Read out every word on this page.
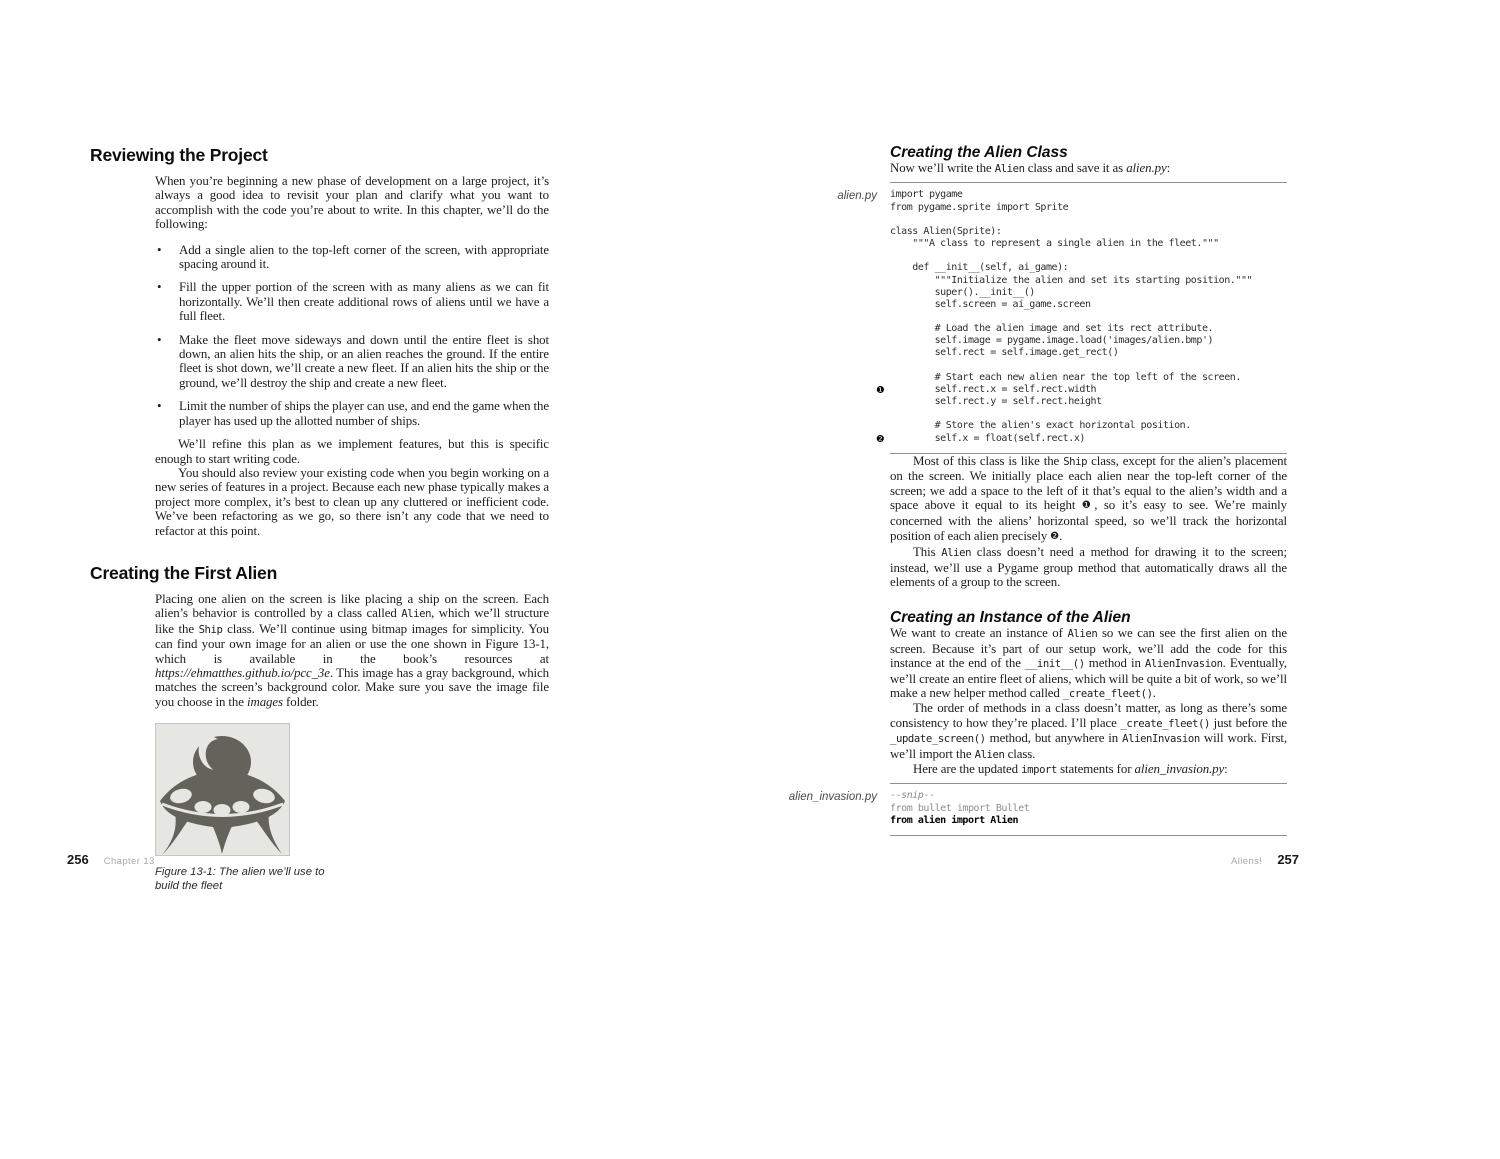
Reviewing the Project

When you’re beginning a new phase of development on a large project, it’s always a good idea to revisit your plan and clarify what you want to accomplish with the code you’re about to write. In this chapter, we’ll do the following:

• Add a single alien to the top-left corner of the screen, with appropriate spacing around it.
• Fill the upper portion of the screen with as many aliens as we can fit horizontally. We’ll then create additional rows of aliens until we have a full fleet.
• Make the fleet move sideways and down until the entire fleet is shot down, an alien hits the ship, or an alien reaches the ground. If the entire fleet is shot down, we’ll create a new fleet. If an alien hits the ship or the ground, we’ll destroy the ship and create a new fleet.
• Limit the number of ships the player can use, and end the game when the player has used up the allotted number of ships.

We’ll refine this plan as we implement features, but this is specific enough to start writing code.

You should also review your existing code when you begin working on a new series of features in a project. Because each new phase typically makes a project more complex, it’s best to clean up any cluttered or inefficient code. We’ve been refactoring as we go, so there isn’t any code that we need to refactor at this point.

Creating the First Alien

Placing one alien on the screen is like placing a ship on the screen. Each alien’s behavior is controlled by a class called Alien, which we’ll structure like the Ship class. We’ll continue using bitmap images for simplicity. You can find your own image for an alien or use the one shown in Figure 13-1, which is available in the book’s resources at https://ehmatthes.github.io/pcc_3e. This image has a gray background, which matches the screen’s background color. Make sure you save the image file you choose in the images folder.

Figure 13-1: The alien we’ll use to build the fleet
Creating the Alien Class

Now we’ll write the Alien class and save it as alien.py:

alien.py import pygame
from pygame.sprite import Sprite

class Alien(Sprite):
"""A class to represent a single alien in the fleet."""

def __init__(self, ai_game):
"""Initialize the alien and set its starting position."""
super().__init__()
self.screen = ai_game.screen

# Load the alien image and set its rect attribute.
self.image = pygame.image.load('images/alien.bmp')
self.rect = self.image.get_rect()

# Start each new alien near the top left of the screen.
❶ self.rect.x = self.rect.width
self.rect.y = self.rect.height

# Store the alien's exact horizontal position.
❷ self.x = float(self.rect.x)

Most of this class is like the Ship class, except for the alien’s placement on the screen. We initially place each alien near the top-left corner of the screen; we add a space to the left of it that’s equal to the alien’s width and a space above it equal to its height ❶, so it’s easy to see. We’re mainly concerned with the aliens’ horizontal speed, so we’ll track the horizontal position of each alien precisely ❷.

This Alien class doesn’t need a method for drawing it to the screen; instead, we’ll use a Pygame group method that automatically draws all the elements of a group to the screen.

Creating an Instance of the Alien

We want to create an instance of Alien so we can see the first alien on the screen. Because it’s part of our setup work, we’ll add the code for this instance at the end of the __init__() method in AlienInvasion. Eventually, we’ll create an entire fleet of aliens, which will be quite a bit of work, so we’ll make a new helper method called _create_fleet().

The order of methods in a class doesn’t matter, as long as there’s some consistency to how they’re placed. I’ll place _create_fleet() just before the _update_screen() method, but anywhere in AlienInvasion will work. First, we’ll import the Alien class.

Here are the updated import statements for alien_invasion.py:

alien_invasion.py --snip--
from bullet import Bullet
from alien import Alien
256 Chapter 13	Aliens! 257
